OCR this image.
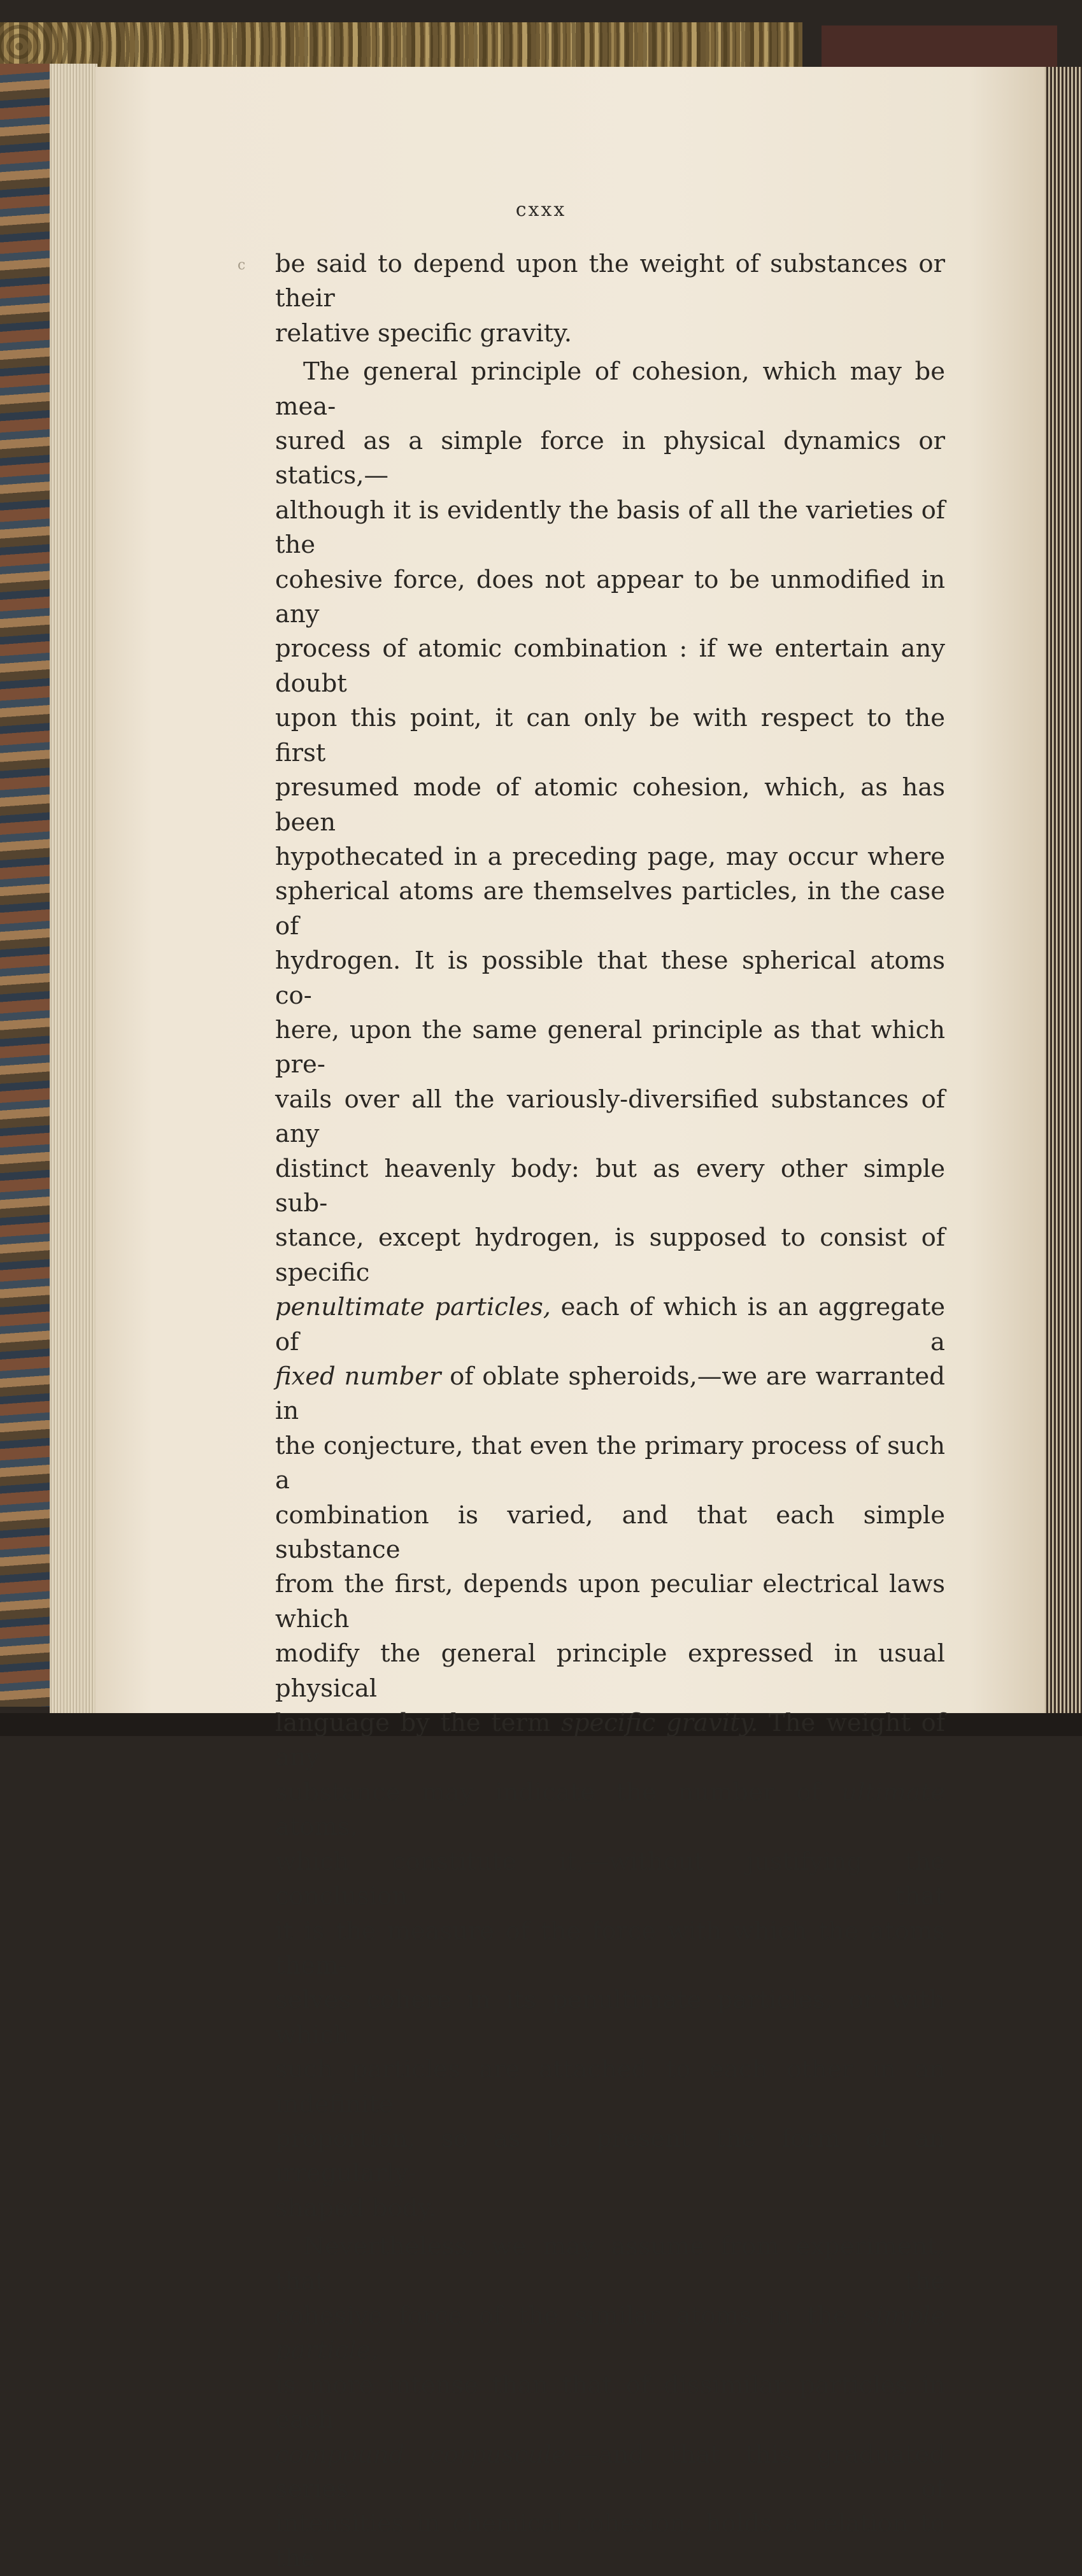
cxxx
c be said to depend upon the weight of substances or their

relative specific gravity.

The general principle of cohesion, which may be mea-

sured as a simple force in physical dynamics or statics,—

although it is evidently the basis of all the varieties of the

cohesive force, does not appear to be unmodified in any

process of atomic combination : if we entertain any doubt

upon this point, it can only be with respect to the first

presumed mode of atomic cohesion, which, as has been

hypothecated in a preceding page, may occur where

spherical atoms are themselves particles, in the case of

hydrogen. It is possible that these spherical atoms co-

here, upon the same general principle as that which pre-

vails over all the variously-diversified substances of any

distinct heavenly body: but as every other simple sub-

stance, except hydrogen, is supposed to consist of specific

penultimate particles, each of which is an aggregate of a

fixed number of oblate spheroids,—we are warranted in

the conjecture, that even the primary process of such a

combination is varied, and that each simple substance

from the first, depends upon peculiar electrical laws which

modify the general principle expressed in usual physical

language by the term specific gravity. The weight of any

substance may indicate the number of ultimate atoms,

which constitute it,—without justifying the conclusion that

it is the measure of the force with which the atoms them-

selves cohere in its penultimate particles, or with which

such particles are attached to each other in an indefinite

proportion, so as to present the form of an irregularly-

shaped body.

Nevertheless, we may assume from experiment, that the

cohesive force of the similar atoms in the simple particle,

is more intense than that of dissimilar particles in each

compound corpuscule,—and that this graduated series of

intensities in chemical cohesion, holds a relation to the
